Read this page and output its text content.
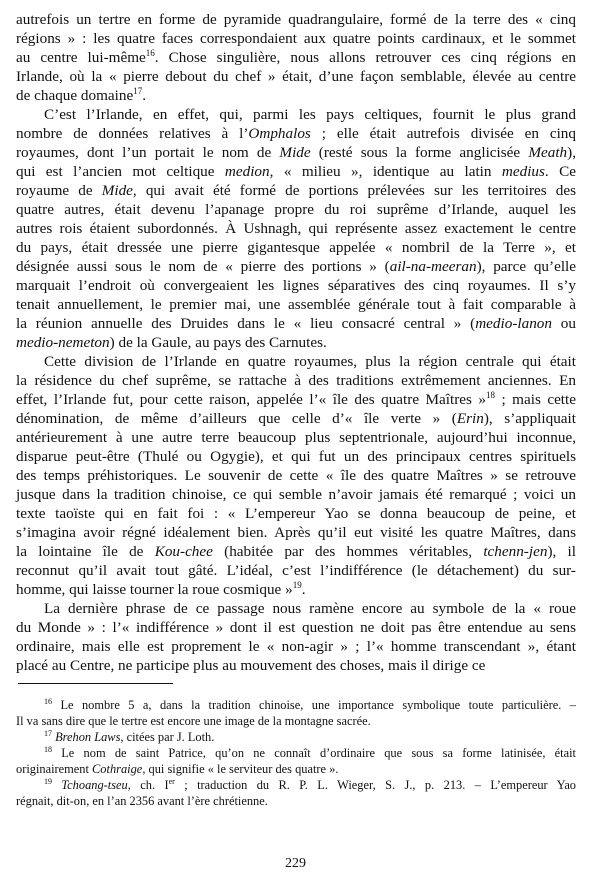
autrefois un tertre en forme de pyramide quadrangulaire, formé de la terre des « cinq
régions » : les quatre faces correspondaient aux quatre points cardinaux, et le sommet
au centre lui-même$^{16}$. Chose singulière, nous allons retrouver ces cinq régions en
Irlande, où la « pierre debout du chef » était, d’une façon semblable, élevée au centre
de chaque domaine$^{17}$.
C’est l’Irlande, en effet, qui, parmi les pays celtiques, fournit le plus grand
nombre de données relatives à l’Omphalos ; elle était autrefois divisée en cinq
royaumes, dont l’un portait le nom de Mide (resté sous la forme anglicisée Meath),
qui est l’ancien mot celtique medion, « milieu », identique au latin medius. Ce
royaume de Mide, qui avait été formé de portions prélevées sur les territoires des
quatre autres, était devenu l’apanage propre du roi suprême d’Irlande, auquel les
autres rois étaient subordonnés. À Ushnagh, qui représente assez exactement le centre
du pays, était dressée une pierre gigantesque appelée « nombril de la Terre », et
désignée aussi sous le nom de « pierre des portions » (ail-na-meeran), parce qu’elle
marquait l’endroit où convergeaient les lignes séparatives des cinq royaumes. Il s’y
tenait annuellement, le premier mai, une assemblée générale tout à fait comparable à
la réunion annuelle des Druides dans le « lieu consacré central » (medio-lanon ou
medio-nemeton) de la Gaule, au pays des Carnutes.
Cette division de l’Irlande en quatre royaumes, plus la région centrale qui était
la résidence du chef suprême, se rattache à des traditions extrêmement anciennes. En
effet, l’Irlande fut, pour cette raison, appelée l’« île des quatre Maîtres »$^{18}$ ; mais cette
dénomination, de même d’ailleurs que celle d’« île verte » (Erin), s’appliquait
antérieurement à une autre terre beaucoup plus septentrionale, aujourd’hui inconnue,
disparue peut-être (Thulé ou Ogygie), et qui fut un des principaux centres spirituels
des temps préhistoriques. Le souvenir de cette « île des quatre Maîtres » se retrouve
jusque dans la tradition chinoise, ce qui semble n’avoir jamais été remarqué ; voici un
texte taoïste qui en fait foi : « L’empereur Yao se donna beaucoup de peine, et
s’imagina avoir régné idéalement bien. Après qu’il eut visité les quatre Maîtres, dans
la lointaine île de Kou-chee (habitée par des hommes véritables, tchenn-jen), il
reconnut qu’il avait tout gâté. L’idéal, c’est l’indifférence (le détachement) du sur-
homme, qui laisse tourner la roue cosmique »$^{19}$.
La dernière phrase de ce passage nous ramène encore au symbole de la « roue
du Monde » : l’« indifférence » dont il est question ne doit pas être entendue au sens
ordinaire, mais elle est proprement le « non-agir » ; l’« homme transcendant », étant
placé au Centre, ne participe plus au mouvement des choses, mais il dirige ce
$^{16}$ Le nombre 5 a, dans la tradition chinoise, une importance symbolique toute particulière. –
Il va sans dire que le tertre est encore une image de la montagne sacrée.
$^{17}$ Brehon Laws, citées par J. Loth.
$^{18}$ Le nom de saint Patrice, qu’on ne connaît d’ordinaire que sous sa forme latinisée, était
originairement Cothraige, qui signifie « le serviteur des quatre ».
$^{19}$ Tchoang-tseu, ch. Ier ; traduction du R. P. L. Wieger, S. J., p. 213. – L’empereur Yao
régnait, dit-on, en l’an 2356 avant l’ère chrétienne.
229
